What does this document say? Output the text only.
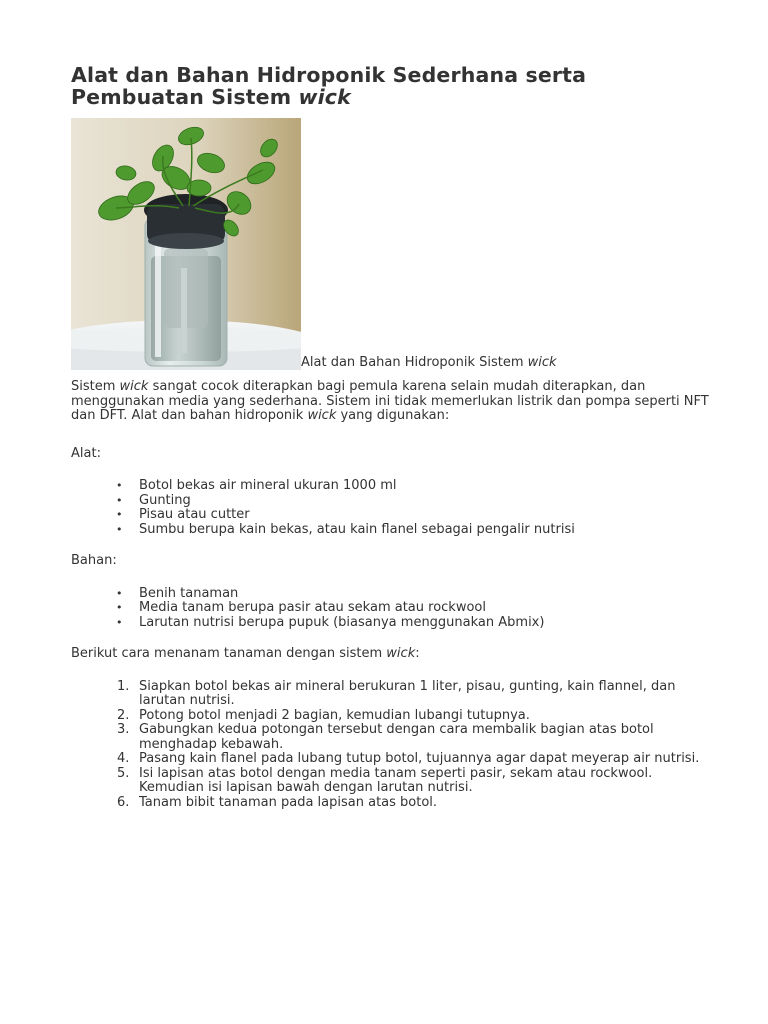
Alat dan Bahan Hidroponik Sederhana serta
Pembuatan Sistem wick
Alat dan Bahan Hidroponik Sistem wick

Sistem wick sangat cocok diterapkan bagi pemula karena selain mudah diterapkan, dan menggunakan media yang sederhana. Sistem ini tidak memerlukan listrik dan pompa seperti NFT dan DFT. Alat dan bahan hidroponik wick yang digunakan:

Alat:

• Botol bekas air mineral ukuran 1000 ml
• Gunting
• Pisau atau cutter
• Sumbu berupa kain bekas, atau kain flanel sebagai pengalir nutrisi

Bahan:

• Benih tanaman
• Media tanam berupa pasir atau sekam atau rockwool
• Larutan nutrisi berupa pupuk (biasanya menggunakan Abmix)

Berikut cara menanam tanaman dengan sistem wick:

1. Siapkan botol bekas air mineral berukuran 1 liter, pisau, gunting, kain flannel, dan larutan nutrisi.
2. Potong botol menjadi 2 bagian, kemudian lubangi tutupnya.
3. Gabungkan kedua potongan tersebut dengan cara membalik bagian atas botol menghadap kebawah.
4. Pasang kain flanel pada lubang tutup botol, tujuannya agar dapat meyerap air nutrisi.
5. Isi lapisan atas botol dengan media tanam seperti pasir, sekam atau rockwool. Kemudian isi lapisan bawah dengan larutan nutrisi.
6. Tanam bibit tanaman pada lapisan atas botol.
